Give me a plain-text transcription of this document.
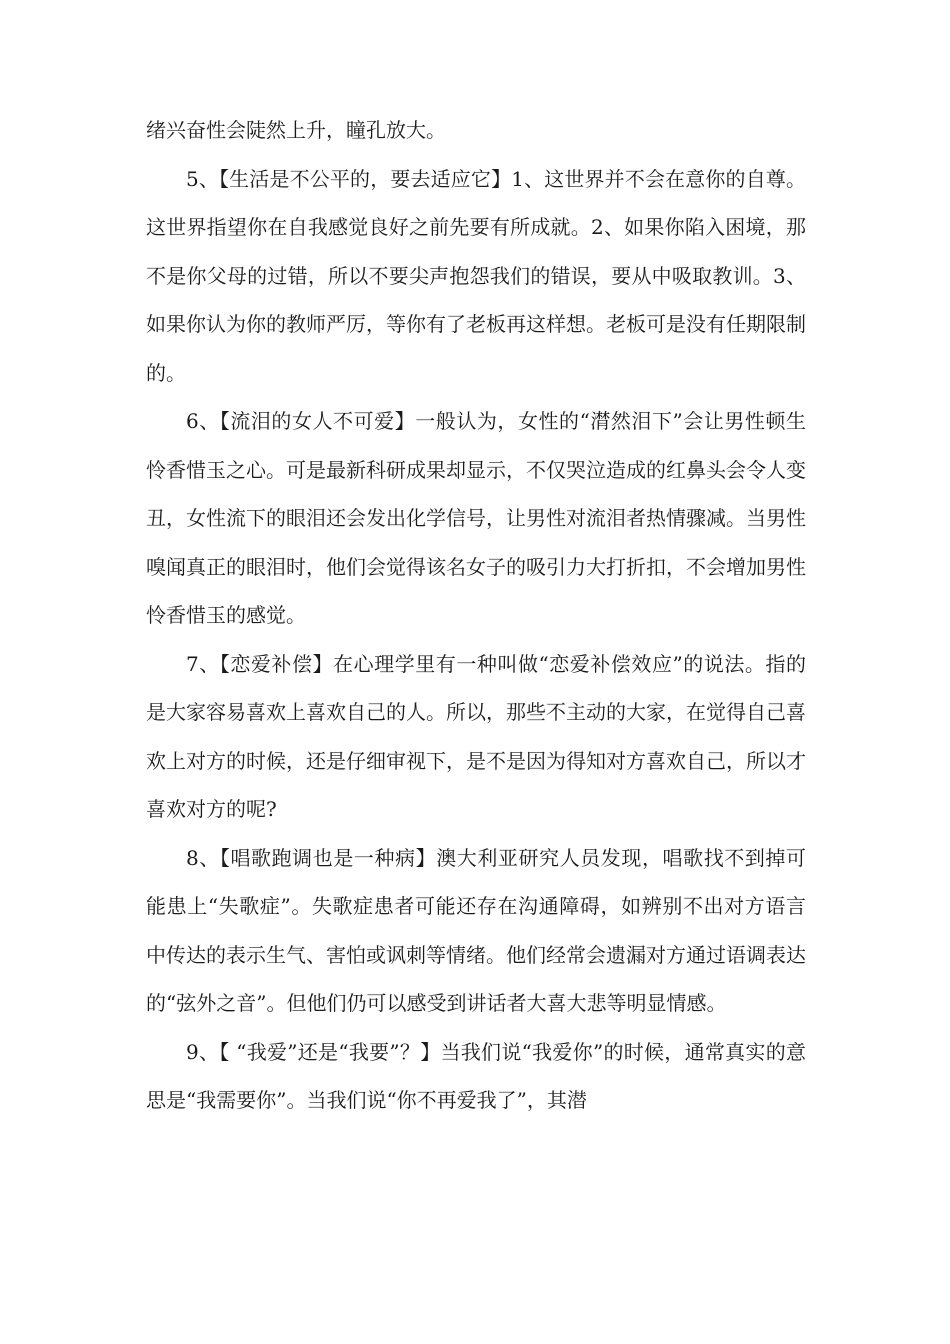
绪兴奋性会陡然上升，瞳孔放大。

5、【生活是不公平的，要去适应它】1、这世界并不会在意你的自尊。这世界指望你在自我感觉良好之前先要有所成就。2、如果你陷入困境，那不是你父母的过错，所以不要尖声抱怨我们的错误，要从中吸取教训。3、如果你认为你的教师严厉，等你有了老板再这样想。老板可是没有任期限制的。

6、【流泪的女人不可爱】一般认为，女性的“潸然泪下”会让男性顿生怜香惜玉之心。可是最新科研成果却显示，不仅哭泣造成的红鼻头会令人变丑，女性流下的眼泪还会发出化学信号，让男性对流泪者热情骤减。当男性嗅闻真正的眼泪时，他们会觉得该名女子的吸引力大打折扣，不会增加男性怜香惜玉的感觉。

7、【恋爱补偿】在心理学里有一种叫做“恋爱补偿效应”的说法。指的是大家容易喜欢上喜欢自己的人。所以，那些不主动的大家，在觉得自己喜欢上对方的时候，还是仔细审视下，是不是因为得知对方喜欢自己，所以才喜欢对方的呢?

8、【唱歌跑调也是一种病】澳大利亚研究人员发现，唱歌找不到掉可能患上“失歌症”。失歌症患者可能还存在沟通障碍，如辨别不出对方语言中传达的表示生气、害怕或讽刺等情绪。他们经常会遗漏对方通过语调表达的“弦外之音”。但他们仍可以感受到讲话者大喜大悲等明显情感。

9、【 “我爱”还是“我要”？】当我们说“我爱你”的时候，通常真实的意思是“我需要你”。当我们说“你不再爱我了”，其潜
